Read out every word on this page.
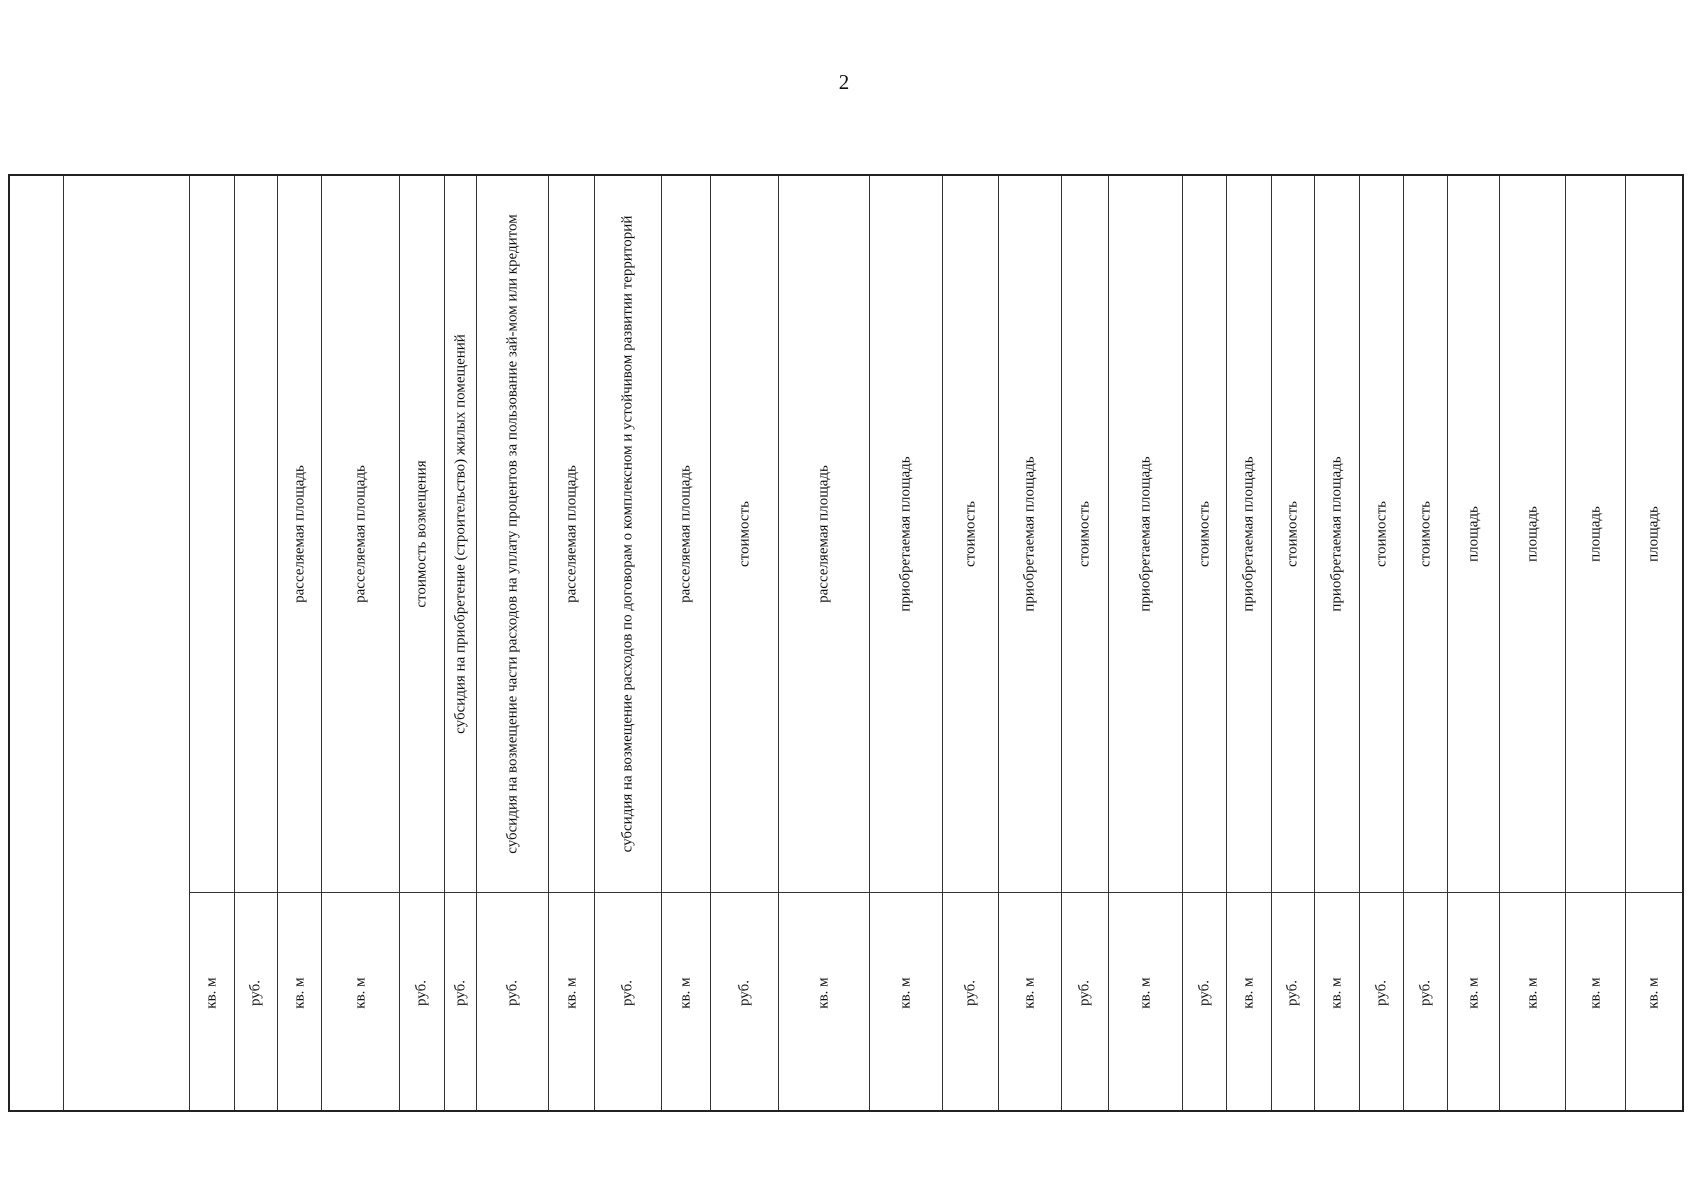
2
кв. м руб.
расселяемая площадь
кв. м
расселяемая площадь
кв. м
стоимость возмещения
руб.
субсидия на приобретение (строительство) жилых помещений
руб.
субсидия на возмещение части расходов на уплату процентов за пользование зай-мом или кредитом
руб.
расселяемая площадь
кв. м
субсидия на возмещение расходов по договорам о комплексном и устойчивом развитии территорий
руб.
расселяемая площадь
кв. м
стоимость
руб.
расселяемая площадь
кв. м
приобретаемая площадь
кв. м
стоимость
руб.
приобретаемая площадь
кв. м
стоимость
руб.
приобретаемая площадь
кв. м
стоимость
руб.
приобретаемая площадь
кв. м
стоимость
руб.
приобретаемая площадь
кв. м
стоимость
руб.
стоимость
руб.
площадь
кв. м
площадь
кв. м
площадь
кв. м
площадь
кв. м
